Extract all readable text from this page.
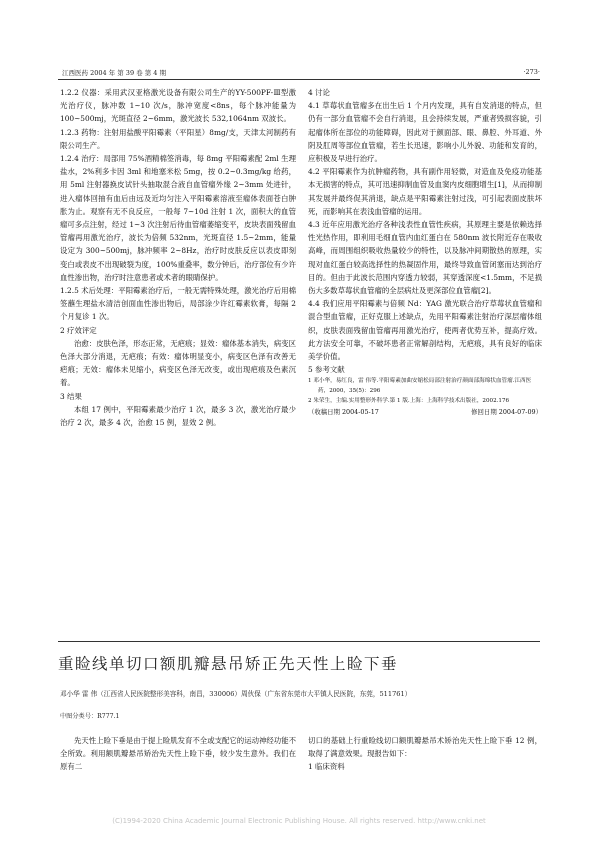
江西医药 2004 年 第 39 卷 第 4 期	·273·

1.2.2 仪器：采用武汉亚格激光设备有限公司生产的YY-500PF-Ⅲ型激光治疗仪，脉冲数 1~10 次/s，脉冲宽度<8ns，每个脉冲能量为 100~500mj，光斑直径 2~6mm，激光波长 532,1064nm 双波长。

1.2.3 药物：注射用盐酸平阳霉素（平阳星）8mg/支，天津太河制药有限公司生产。

1.2.4 治疗：局部用 75%酒精棉签消毒，每 8mg 平阳霉素配 2ml 生理盐水，2%利多卡因 3ml 和地塞米松 5mg，按 0.2~0.3mg/kg 给药，用 5ml 注射器换皮试针头抽取混合液自血管瘤外缘 2~3mm 处进针，进入瘤体回抽有血后由远及近均匀注入平阳霉素溶液至瘤体表面苍白肿胀为止。观察有无不良反应，一般每 7~10d 注射 1 次，面积大的血管瘤可多点注射，经过 1~3 次注射后待血管瘤萎缩变平，皮块表面残留血管瘤再用激光治疗，波长为倍频 532nm，光斑直径 1.5~2mm，能量设定为 300~500mj，脉冲频率 2~8Hz，治疗时皮肤反应以表皮即刻变白或表皮不出现破裂为度，100%重叠率，数分钟后，治疗部位有少许血性渗出物，治疗时注意患者或术者的眼睛保护。

1.2.5 术后处理：平阳霉素治疗后，一般无需特殊处理，激光治疗后用棉签蘸生理盐水清洁创面血性渗出物后，局部涂少许红霉素软膏，每隔 2 个月复诊 1 次。

2 疗效评定

治愈：皮肤色泽，形态正常，无疤痕；显效：瘤体基本消失，病变区色泽大部分消退，无疤痕；有效：瘤体明显变小，病变区色泽有改善无疤痕；无效：瘤体未见缩小，病变区色泽无改变，或出现疤痕及色素沉着。

3 结果

本组 17 例中，平阳霉素最少治疗 1 次，最多 3 次，激光治疗最少治疗 2 次，最多 4 次，治愈 15 例，显效 2 例。

4 讨论

4.1 草莓状血管瘤多在出生后 1 个月内发现，具有自发消退的特点，但仍有一部分血管瘤不会自行消退，且会持续发展，严重者毁损容貌，引起瘤体所在部位的功能障碍，因此对于颜面部、眼、鼻腔、外耳道、外阴及肛周等部位血管瘤，若生长迅速，影响小儿外貌、功能和发育的，应积极及早进行治疗。

4.2 平阳霉素作为抗肿瘤药物，具有副作用轻微，对造血及免疫功能基本无损害的特点，其可迅速抑制血管及血窦内皮细胞增生[1]，从而抑制其发展并最终促其消退，缺点是平阳霉素注射过浅，可引起表面皮肤坏死，而影响其在表浅血管瘤的运用。

4.3 近年应用激光治疗各种浅表性血管性疾病，其原理主要是依赖选择性光热作用，即利用毛细血管内血红蛋白在 580nm 波长附近存在吸收高峰，而周围组织吸收热量较少的特性，以及脉冲间期散热的原理，实现对血红蛋白较高选择性的热凝固作用，最终导致血管闭塞而达到治疗目的。但由于此波长范围内穿透力较弱，其穿透深度<1.5mm，不足损伤大多数草莓状血管瘤的全层病灶及更深部位血管瘤[2]。

4.4 我们应用平阳霉素与倍频 Nd：YAG 激光联合治疗草莓状血管瘤和混合型血管瘤，正好克服上述缺点，先用平阳霉素注射治疗深层瘤体组织，皮肤表面残留血管瘤再用激光治疗，使两者优势互补，提高疗效。此方法安全可靠，不破坏患者正常解剖结构，无疤痕，具有良好的临床美学价值。

5 参考文献

1 邓小华，易红良，雷 伟等.平阳霉素加曲安缩松局部注射治疗颜面部海绵状血管瘤.江西医药，2000，35(5)：296

2 朱荣生，主编.实用整形外科学.第 1 版.上海：上海科学技术出版社，2002.176

（收稿日期 2004-05-17	修回日期 2004-07-09）
重睑线单切口额肌瓣悬吊矫正先天性上睑下垂
邓小华 雷 伟（江西省人民医院整形美容科，南昌，330006）周伙保（广东省东莞市大平镇人民医院，东莞，511761）
中图分类号：R777.1

先天性上睑下垂是由于提上睑肌发育不全或支配它的运动神经功能不全所致。利用额肌瓣悬吊矫治先天性上睑下垂，较少发生意外。我们在原有二

切口的基础上行重睑线切口额肌瓣悬吊术矫治先天性上睑下垂 12 例，取得了满意效果。现报告如下：

1 临床资料

(C)1994-2020 China Academic Journal Electronic Publishing House. All rights reserved. http://www.cnki.net
